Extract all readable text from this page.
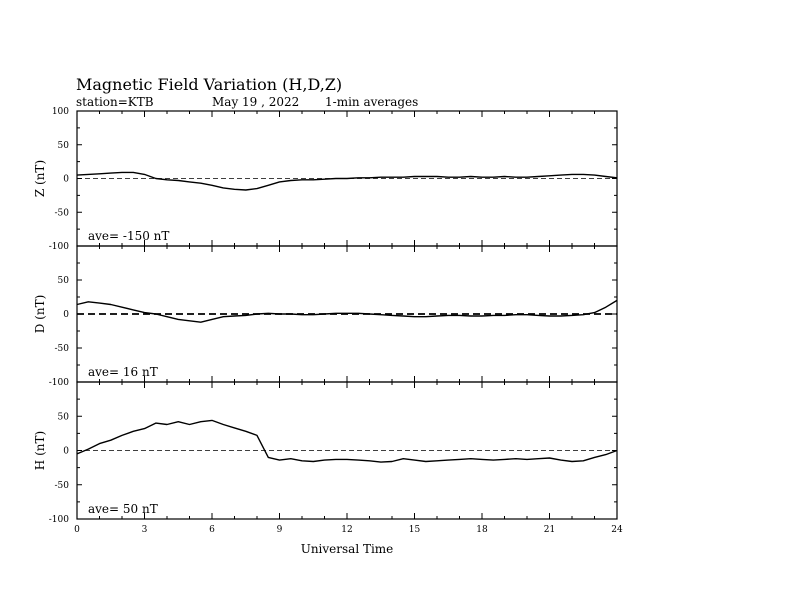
Magnetic Field Variation (H,D,Z)
station=KTB	May 19 , 2022 1-min averages
100
50
0
-50
-100
Z (nT)
ave= -150 nT
50
0
-50
-100
D (nT)
ave= 16 nT
50
0
-50
-100
H (nT)
ave= 50 nT
0	3	6	9	12	15	18	21	24
Universal Time
